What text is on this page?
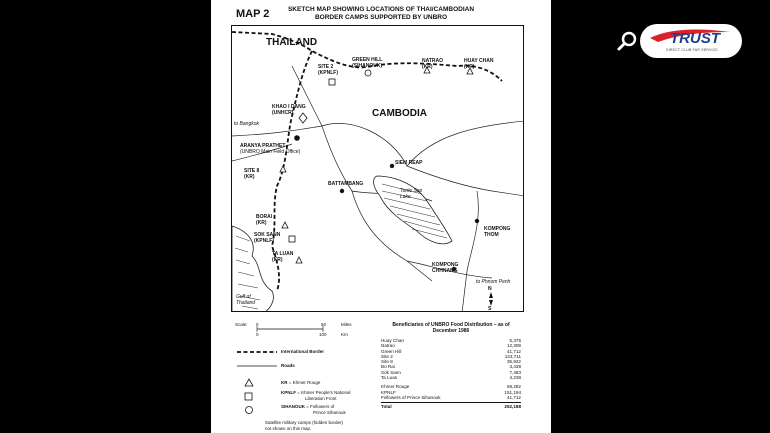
MAP 2	SKETCH MAP SHOWING LOCATIONS OF THAI/CAMBODIAN
BORDER CAMPS SUPPORTED BY UNBRO
THAILAND
CAMBODIA
SITE 2
(KPNLF)
GREEN HILL
(SIHANOUK)
NATRAO
(KR)
HUAY CHAN
(KR)
KHAO I DANG
(UNHCR)
to Bangkok
ARANYA PRATHET
(UNBRO Main Field Office)
SITE 8
(KR)
SIEM REAP
BATTAMBANG
Tonle Sap
Lake
BORAI
(KR)
SOK SANN
(KPNLF)
TA LUAN
(KR)
KOMPONG
THOM
KOMPONG
CHHNANG
to Phnom Penh
Gulf of
Thailand
N
S
Scale: 0	50	Miles
0	100	Km
International Border
Roads
KR = Khmer Rouge
KPNLF = Khmer People's National
Liberation Front
SIHANOUK = Followers of
Prince Sihanouk
Satellite military camps (hidden border)
not shown on this map.
Beneficiaries of UNBRO Food Distribution – as of
December 1986
Huay Chan	5,375
Natrao	12,309
Green Hill	41,712
Site 2	143,711
Site 8	35,922
Bo Rai	3,439
Sok Sann	7,483
Ta Luan	4,238
Khmer Rouge	59,282
KPNLF	151,194
Followers of Prince Sihanouk	41,712
Total	252,188
TRUST
DIRECT CLUB FAR SERVICE
